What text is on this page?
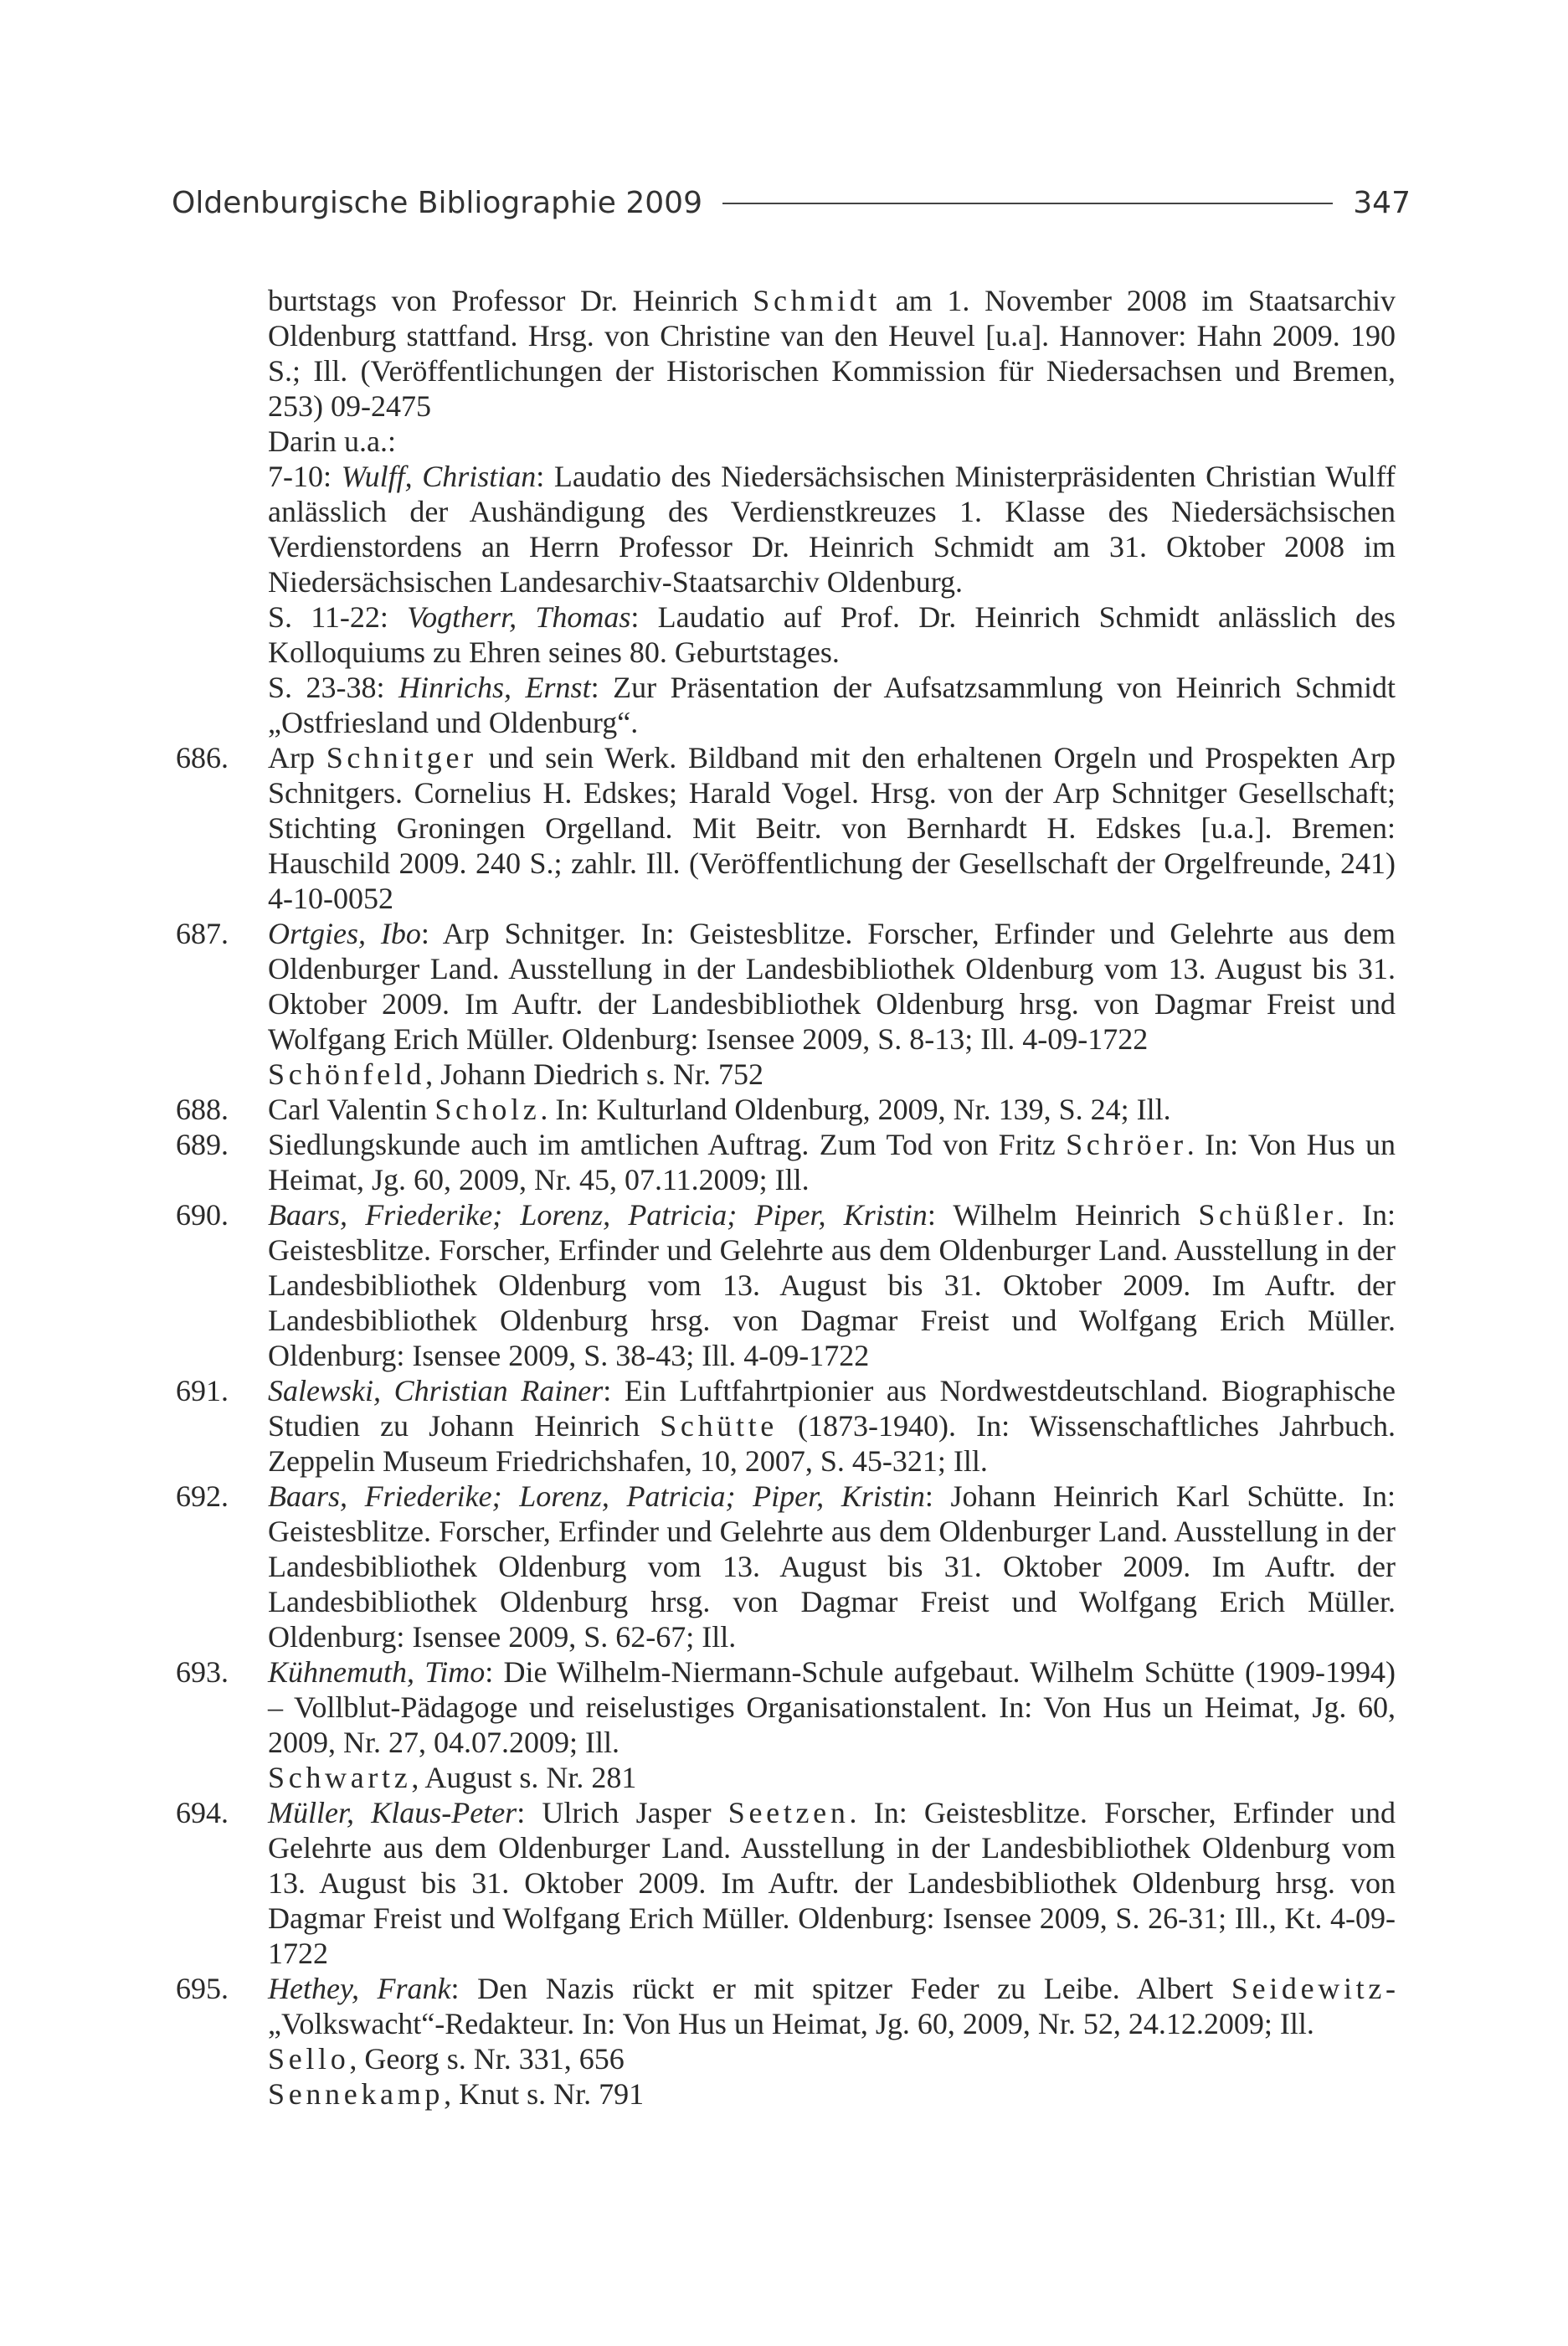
Oldenburgische Bibliographie 2009	347

burtstags von Professor Dr. Heinrich Schmidt am 1. November 2008 im Staatsarchiv Oldenburg stattfand. Hrsg. von Christine van den Heuvel [u.a]. Hannover: Hahn 2009. 190 S.; Ill. (Veröffentlichungen der Historischen Kommission für Niedersachsen und Bremen, 253) 09-2475

Darin u.a.:

7-10: Wulff, Christian: Laudatio des Niedersächsischen Ministerpräsidenten Christian Wulff anlässlich der Aushändigung des Verdienstkreuzes 1. Klasse des Niedersächsischen Verdienstordens an Herrn Professor Dr. Heinrich Schmidt am 31. Oktober 2008 im Niedersächsischen Landesarchiv-Staatsarchiv Oldenburg.

S. 11-22: Vogtherr, Thomas: Laudatio auf Prof. Dr. Heinrich Schmidt anlässlich des Kolloquiums zu Ehren seines 80. Geburtstages.

S. 23-38: Hinrichs, Ernst: Zur Präsentation der Aufsatzsammlung von Heinrich Schmidt „Ostfriesland und Oldenburg“.

686. Arp Schnitger und sein Werk. Bildband mit den erhaltenen Orgeln und Prospekten Arp Schnitgers. Cornelius H. Edskes; Harald Vogel. Hrsg. von der Arp Schnitger Gesellschaft; Stichting Groningen Orgelland. Mit Beitr. von Bernhardt H. Edskes [u.a.]. Bremen: Hauschild 2009. 240 S.; zahlr. Ill. (Veröffentlichung der Gesellschaft der Orgelfreunde, 241) 4-10-0052

687. Ortgies, Ibo: Arp Schnitger. In: Geistesblitze. Forscher, Erfinder und Gelehrte aus dem Oldenburger Land. Ausstellung in der Landesbibliothek Oldenburg vom 13. August bis 31. Oktober 2009. Im Auftr. der Landesbibliothek Oldenburg hrsg. von Dagmar Freist und Wolfgang Erich Müller. Oldenburg: Isensee 2009, S. 8-13; Ill. 4-09-1722

Schönfeld, Johann Diedrich s. Nr. 752

688. Carl Valentin Scholz. In: Kulturland Oldenburg, 2009, Nr. 139, S. 24; Ill.

689. Siedlungskunde auch im amtlichen Auftrag. Zum Tod von Fritz Schröer. In: Von Hus un Heimat, Jg. 60, 2009, Nr. 45, 07.11.2009; Ill.

690. Baars, Friederike; Lorenz, Patricia; Piper, Kristin: Wilhelm Heinrich Schüßler. In: Geistesblitze. Forscher, Erfinder und Gelehrte aus dem Oldenburger Land. Ausstellung in der Landesbibliothek Oldenburg vom 13. August bis 31. Oktober 2009. Im Auftr. der Landesbibliothek Oldenburg hrsg. von Dagmar Freist und Wolfgang Erich Müller. Oldenburg: Isensee 2009, S. 38-43; Ill. 4-09-1722

691. Salewski, Christian Rainer: Ein Luftfahrtpionier aus Nordwestdeutschland. Biographische Studien zu Johann Heinrich Schütte (1873-1940). In: Wissenschaftliches Jahrbuch. Zeppelin Museum Friedrichshafen, 10, 2007, S. 45-321; Ill.

692. Baars, Friederike; Lorenz, Patricia; Piper, Kristin: Johann Heinrich Karl Schütte. In: Geistesblitze. Forscher, Erfinder und Gelehrte aus dem Oldenburger Land. Ausstellung in der Landesbibliothek Oldenburg vom 13. August bis 31. Oktober 2009. Im Auftr. der Landesbibliothek Oldenburg hrsg. von Dagmar Freist und Wolfgang Erich Müller. Oldenburg: Isensee 2009, S. 62-67; Ill.

693. Kühnemuth, Timo: Die Wilhelm-Niermann-Schule aufgebaut. Wilhelm Schütte (1909-1994) – Vollblut-Pädagoge und reiselustiges Organisationstalent. In: Von Hus un Heimat, Jg. 60, 2009, Nr. 27, 04.07.2009; Ill.

Schwartz, August s. Nr. 281

694. Müller, Klaus-Peter: Ulrich Jasper Seetzen. In: Geistesblitze. Forscher, Erfinder und Gelehrte aus dem Oldenburger Land. Ausstellung in der Landesbibliothek Oldenburg vom 13. August bis 31. Oktober 2009. Im Auftr. der Landesbibliothek Oldenburg hrsg. von Dagmar Freist und Wolfgang Erich Müller. Oldenburg: Isensee 2009, S. 26-31; Ill., Kt. 4-09-1722

695. Hethey, Frank: Den Nazis rückt er mit spitzer Feder zu Leibe. Albert Seidewitz-„Volkswacht“-Redakteur. In: Von Hus un Heimat, Jg. 60, 2009, Nr. 52, 24.12.2009; Ill.

Sello, Georg s. Nr. 331, 656

Sennekamp, Knut s. Nr. 791
